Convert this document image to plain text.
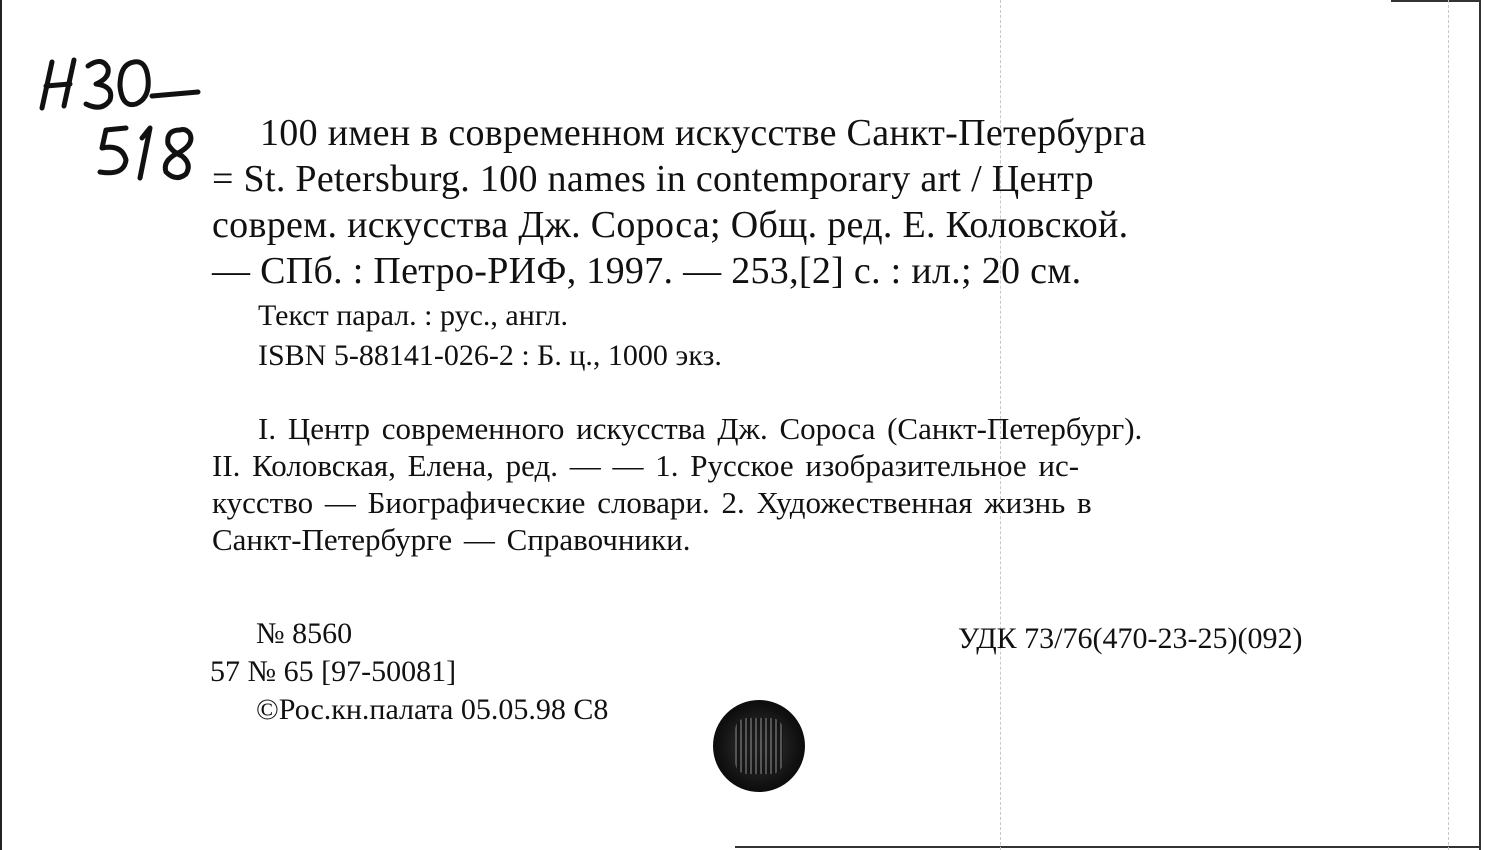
100 имен в современном искусстве Санкт-Петербурга
= St. Petersburg. 100 names in contemporary art / Центр
соврем. искусства Дж. Сороса; Общ. ред. Е. Коловской.
— СПб. : Петро-РИФ, 1997. — 253,[2] с. : ил.; 20 см.
Текст парал. : рус., англ.
ISBN 5-88141-026-2 : Б. ц., 1000 экз.
I. Центр современного искусства Дж. Сороса (Санкт-Петербург).
II. Коловская, Елена, ред. — — 1. Русское изобразительное ис-
кусство — Биографические словари. 2. Художественная жизнь в
Санкт-Петербурге — Справочники.
№ 8560
57 № 65 [97-50081]
©Рос.кн.палата 05.05.98 С8
УДК 73/76(470-23-25)(092)
